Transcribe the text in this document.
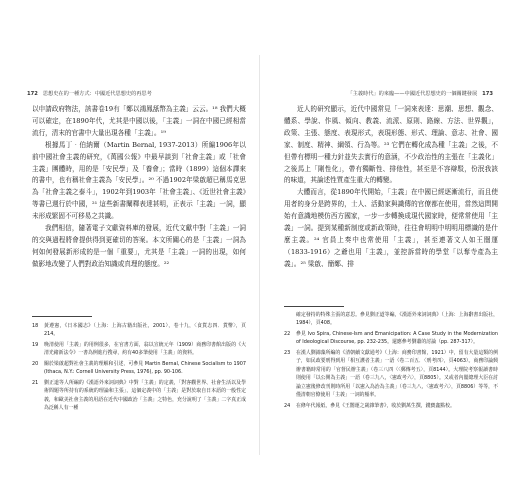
172 思想史在的一種方式：中國近代思想史的再思考

以申請政府物法，該書卷19有「鄭以鴻鳳舐幣為主義」云云。¹⁸ 我們大概可以確定，在1890年代，尤其是中國以後，「主義」一詞在中國已經相當流行，清末的官書中大量出現各種「主義」。¹⁹

根據馬丁‧伯納爾（Martin Bernal, 1937-2013）所編1906年以前中國社會主義的研究，《萬國公報》中最早談到「社會主義」或「社會主義」團體時，用的是「安民學」及「養會」；當時（1899）這個本譯來的書中，也有稱社會主義為「安民學」。²⁰ 不過1902年梁啟超已稱馬克思為「社會主義之泰斗」，1902年到1903年「社會主義」、《近世社會主義》等書已週行於中國，²¹ 這些新書闡釋表達甚明，正表示「主義」一詞，顯未形成繁固不可移易之共識。

我們相信，隨著電子文獻資料庫的發展，近代文獻中對「主義」一詞的交與過程將會提供得到更確切的答案。本文所關心的是「主義」一詞為何如何發展新形成的是一個「重要」，尤其是「主義」一詞的出現，如何做影地改變了人們對政治知識或真理的態度。²²

18	黃遵憲，《日本國志》（上海：上海古籍出版社，2001），卷十九，〈食貨志四．貨幣〉，頁214。
19	晚清使用「主義」的用例很多，在官書方面，翁以宣統元年（1909）商務印書館出版的《大清光緒新法令》一書為例進行搜尋，約有40多筆使用「主義」的資料。
20	關於梁啟超對社會主義的理解和引述，可參見 Martin Bernal, Chinese Socialism to 1907 (Ithaca, N.Y.: Cornell University Press, 1976), pp. 90-106.
21	劉正道等人所編的《漢語外來詞詞典》中對「主義」的定義，「對客觀世界、社會生活以及學術問題等所持有的系統的理論和主張」，這個定義中的「主義」是對於取自日本語的一般性定義，和歐美社會主義的用語在近代中國政治「主義」之特色，充分說明了「主義」二字真正成為泛稱人有一種
「主義時代」的來臨——中國近代思想史的一個關鍵發展 173

近人的研究顯示，近代中國常見「一詞來表達：思潮、思想、觀念、體系、學說、作風、傾向、教義、流派、原則、路線、方法、世界觀」，政策、主張、態度、表現形式，表現形態、形式、理論、意志、社會、國家、制度、精神、綱領、行為等。²³ 它們在轉化成為種「主義」之後，不但帶有標明一種力針並失去實行的意涵，不少政治性的主張在「主義化」之後馬上「剛性化」，帶有獨斷性、排他性，甚至是不容辯駁，份泯我該的味道，其論述性質產生重大的轉變。

大體而言，從1890年代開始，「主義」在中國已經逐漸流行，而且使用者的身分是跨界的，士人、活動家與識傳的官僚都在使用，當然這問開始有意識地模仿西方國家，一步一步轉換成現代國家時，便常常使用「主義」一詞。提到某種新制度或新政策時，往往會明明中明明用標識的是什麼主義。²⁴ 官員上奏中也常使用「主義」，甚至連著文人如王闓運（1833-1916）之爺也用「主義」，並控訴當時的學堂「以奪寺產為主義」。²⁵ 梁啟、簡鄭、排

確定發持的特殊主張的意思。參見劉正道等編，《漢語外來詞詞典》（上海：上海辭書出版社，1984），頁408。
22	參見 Ivo Spira, Chinese-Ism and Emanicipation: A Case Study in the Modernization of Ideological Discourse, pp. 232-235。還應參考劉蕭的討論（pp. 287-317）。
23	在漢人劉錦藻所編的《清朝續文獻通考》（上海：商務印書館，1921）中，留有大量這類的例子，如民政要刑得到用「相互護者主義」一語（卷二百五．〈刑考四〉，頁4063）。商務印論興辦書籍時常用的「官督民辦主義」（卷三八四〈〈郵傳考五〉，頁8144）。大理院考察報讀書時則使用「以公開為主義」一語（卷三九八，〈憲政考六〉，頁8805）。又或者內閣總理大臣在討論立憲後修改刊則時所用「以憲入為治為主義」（卷三九八，〈憲政考六〉，頁8806）等等，不僅清朝官僚使用「主義」一詞的頻率。
24	在條年代報紙，參見《王闓運之歲雜筆書》，收於劉萬生撰，錢寶鑫點校。
